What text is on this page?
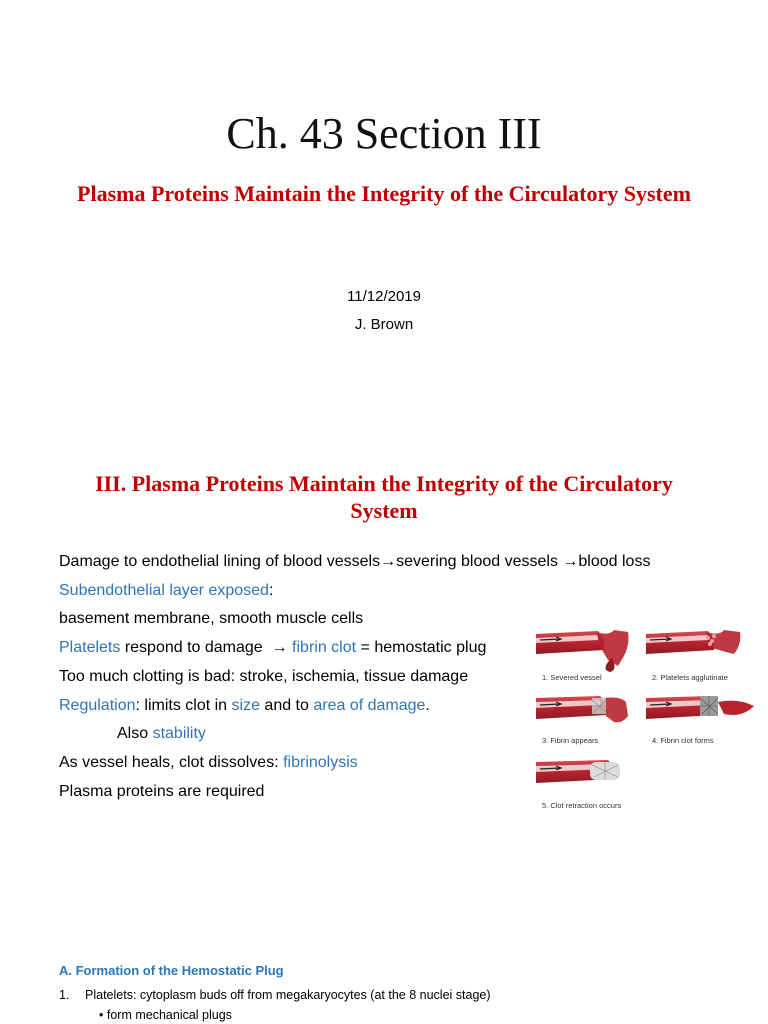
Ch. 43 Section III
Plasma Proteins Maintain the Integrity of the Circulatory System
11/12/2019
J. Brown
III. Plasma Proteins Maintain the Integrity of the Circulatory System
Damage to endothelial lining of blood vessels→severing blood vessels →blood loss
Subendothelial layer exposed:
basement membrane, smooth muscle cells
Platelets respond to damage  → fibrin clot = hemostatic plug
Too much clotting is bad: stroke, ischemia, tissue damage
Regulation: limits clot in size and to area of damage.
Also stability
As vessel heals, clot dissolves: fibrinolysis
Plasma proteins are required
1. Severed vessel	2. Platelets agglutinate
3. Fibrin appears	4. Fibrin clot forms
5. Clot retraction occurs
A. Formation of the Hemostatic Plug
1. Platelets: cytoplasm buds off from megakaryocytes (at the 8 nuclei stage)
• form mechanical plugs
